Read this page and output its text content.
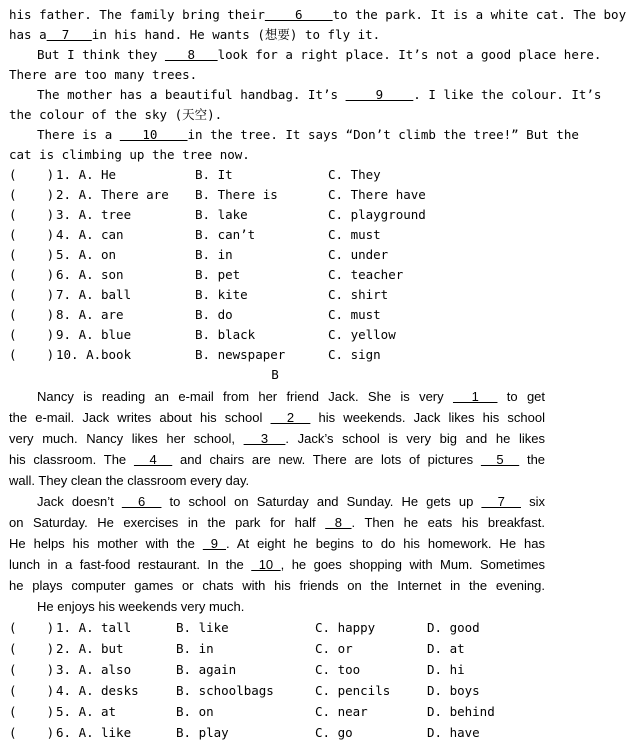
his father. The family bring their    6    to the park. It is a white cat. The boy
has a  7   in his hand. He wants (想要) to fly it.
But I think they    8   look for a right place. It’s not a good place here.
There are too many trees.
The mother has a beautiful handbag. It’s     9    . I like the colour. It’s
the colour of the sky (天空).
There is a    10    in the tree. It says “Don’t climb the tree!” But the
cat is climbing up the tree now.
(    ) 1. A. He	B. It	C. They
(    ) 2. A. There are B. There is	C. There have
(    ) 3. A. tree	B. lake	C. playground
(    ) 4. A. can	B. can’t	C. must
(    ) 5. A. on	B. in	C. under
(    ) 6. A. son	B. pet	C. teacher
(    ) 7. A. ball	B. kite	C. shirt
(    ) 8. A. are	B. do	C. must
(    ) 9. A. blue	B. black	C. yellow
(    ) 10. A. book	B. newspaper	C. sign
B
Nancy is reading an e-mail from her friend Jack. She is very   1   to get
the e-mail. Jack writes about his school   2   his weekends. Jack likes his school
very much. Nancy likes her school,   3  . Jack’s school is very big and he likes
his classroom. The   4   and chairs are new. There are lots of pictures   5   the
wall. They clean the classroom every day.
Jack doesn’t   6   to school on Saturday and Sunday. He gets up   7   six
on Saturday. He exercises in the park for half  8 . Then he eats his breakfast.
He helps his mother with the  9 . At eight he begins to do his homework. He has
lunch in a fast-food restaurant. In the  10 , he goes shopping with Mum. Sometimes
he plays computer games or chats with his friends on the Internet in the evening.
He enjoys his weekends very much.
(    ) 1. A. tall	B. like	C. happy	D. good
(    ) 2. A. but	B. in	C. or	D. at
(    ) 3. A. also	B. again	C. too	D. hi
(    ) 4. A. desks	B. schoolbags	C. pencils	D. boys
(    ) 5. A. at	B. on	C. near	D. behind
(    ) 6. A. like	B. play	C. go	D. have
